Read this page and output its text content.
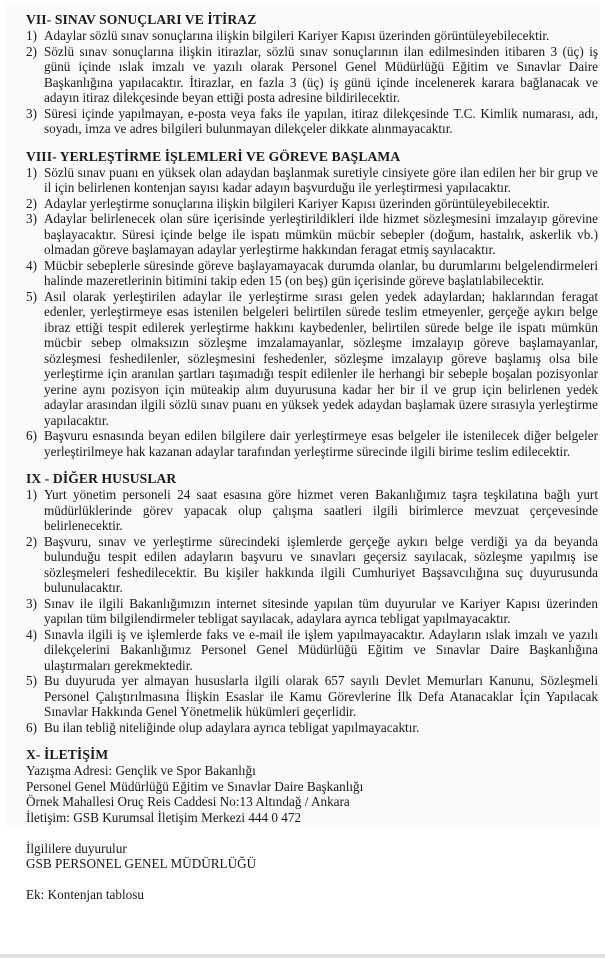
VII- SINAV SONUÇLARI VE İTİRAZ
1) Adaylar sözlü sınav sonuçlarına ilişkin bilgileri Kariyer Kapısı üzerinden görüntüleyebilecektir.
2) Sözlü sınav sonuçlarına ilişkin itirazlar, sözlü sınav sonuçlarının ilan edilmesinden itibaren 3 (üç) iş günü içinde ıslak imzalı ve yazılı olarak Personel Genel Müdürlüğü Eğitim ve Sınavlar Daire Başkanlığına yapılacaktır. İtirazlar, en fazla 3 (üç) iş günü içinde incelenerek karara bağlanacak ve adayın itiraz dilekçesinde beyan ettiği posta adresine bildirilecektir.
3) Süresi içinde yapılmayan, e-posta veya faks ile yapılan, itiraz dilekçesinde T.C. Kimlik numarası, adı, soyadı, imza ve adres bilgileri bulunmayan dilekçeler dikkate alınmayacaktır.
VIII- YERLEŞTİRME İŞLEMLERİ VE GÖREVE BAŞLAMA
1) Sözlü sınav puanı en yüksek olan adaydan başlanmak suretiyle cinsiyete göre ilan edilen her bir grup ve il için belirlenen kontenjan sayısı kadar adayın başvurduğu ile yerleştirmesi yapılacaktır.
2) Adaylar yerleştirme sonuçlarına ilişkin bilgileri Kariyer Kapısı üzerinden görüntüleyebilecektir.
3) Adaylar belirlenecek olan süre içerisinde yerleştirildikleri ilde hizmet sözleşmesini imzalayıp görevine başlayacaktır. Süresi içinde belge ile ispatı mümkün mücbir sebepler (doğum, hastalık, askerlik vb.) olmadan göreve başlamayan adaylar yerleştirme hakkından feragat etmiş sayılacaktır.
4) Mücbir sebeplerle süresinde göreve başlayamayacak durumda olanlar, bu durumlarını belgelendirmeleri halinde mazeretlerinin bitimini takip eden 15 (on beş) gün içerisinde göreve başlatılabilecektir.
5) Asıl olarak yerleştirilen adaylar ile yerleştirme sırası gelen yedek adaylardan; haklarından feragat edenler, yerleştirmeye esas istenilen belgeleri belirtilen sürede teslim etmeyenler, gerçeğe aykırı belge ibraz ettiği tespit edilerek yerleştirme hakkını kaybedenler, belirtilen sürede belge ile ispatı mümkün mücbir sebep olmaksızın sözleşme imzalamayanlar, sözleşme imzalayıp göreve başlamayanlar, sözleşmesi feshedilenler, sözleşmesini feshedenler, sözleşme imzalayıp göreve başlamış olsa bile yerleştirme için aranılan şartları taşımadığı tespit edilenler ile herhangi bir sebeple boşalan pozisyonlar yerine aynı pozisyon için müteakip alım duyurusuna kadar her bir il ve grup için belirlenen yedek adaylar arasından ilgili sözlü sınav puanı en yüksek yedek adaydan başlamak üzere sırasıyla yerleştirme yapılacaktır.
6) Başvuru esnasında beyan edilen bilgilere dair yerleştirmeye esas belgeler ile istenilecek diğer belgeler yerleştirilmeye hak kazanan adaylar tarafından yerleştirme sürecinde ilgili birime teslim edilecektir.
IX - DİĞER HUSUSLAR
1) Yurt yönetim personeli 24 saat esasına göre hizmet veren Bakanlığımız taşra teşkilatına bağlı yurt müdürlüklerinde görev yapacak olup çalışma saatleri ilgili birimlerce mevzuat çerçevesinde belirlenecektir.
2) Başvuru, sınav ve yerleştirme sürecindeki işlemlerde gerçeğe aykırı belge verdiği ya da beyanda bulunduğu tespit edilen adayların başvuru ve sınavları geçersiz sayılacak, sözleşme yapılmış ise sözleşmeleri feshedilecektir. Bu kişiler hakkında ilgili Cumhuriyet Başsavcılığına suç duyurusunda bulunulacaktır.
3) Sınav ile ilgili Bakanlığımızın internet sitesinde yapılan tüm duyurular ve Kariyer Kapısı üzerinden yapılan tüm bilgilendirmeler tebligat sayılacak, adaylara ayrıca tebligat yapılmayacaktır.
4) Sınavla ilgili iş ve işlemlerde faks ve e-mail ile işlem yapılmayacaktır. Adayların ıslak imzalı ve yazılı dilekçelerini Bakanlığımız Personel Genel Müdürlüğü Eğitim ve Sınavlar Daire Başkanlığına ulaştırmaları gerekmektedir.
5) Bu duyuruda yer almayan hususlarla ilgili olarak 657 sayılı Devlet Memurları Kanunu, Sözleşmeli Personel Çalıştırılmasına İlişkin Esaslar ile Kamu Görevlerine İlk Defa Atanacaklar İçin Yapılacak Sınavlar Hakkında Genel Yönetmelik hükümleri geçerlidir.
6) Bu ilan tebliğ niteliğinde olup adaylara ayrıca tebligat yapılmayacaktır.
X- İLETİŞİM

Yazışma Adresi: Gençlik ve Spor Bakanlığı

Personel Genel Müdürlüğü Eğitim ve Sınavlar Daire Başkanlığı

Örnek Mahallesi Oruç Reis Caddesi No:13 Altındağ / Ankara

İletişim: GSB Kurumsal İletişim Merkezi 444 0 472

İlgililere duyurulur

GSB PERSONEL GENEL MÜDÜRLÜĞÜ

Ek: Kontenjan tablosu
